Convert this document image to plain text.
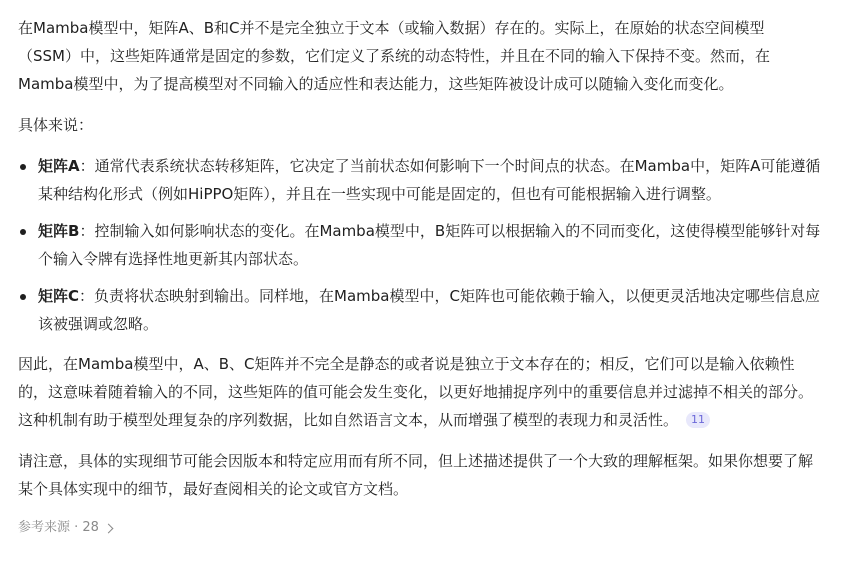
在Mamba模型中，矩阵A、B和C并不是完全独立于文本（或输入数据）存在的。实际上，在原始的状态空间模型
（SSM）中，这些矩阵通常是固定的参数，它们定义了系统的动态特性，并且在不同的输入下保持不变。然而，在
Mamba模型中，为了提高模型对不同输入的适应性和表达能力，这些矩阵被设计成可以随输入变化而变化。
具体来说：
矩阵A：通常代表系统状态转移矩阵，它决定了当前状态如何影响下一个时间点的状态。在Mamba中，矩阵A可能遵循
某种结构化形式（例如HiPPO矩阵），并且在一些实现中可能是固定的，但也有可能根据输入进行调整。
矩阵B：控制输入如何影响状态的变化。在Mamba模型中，B矩阵可以根据输入的不同而变化，这使得模型能够针对每
个输入令牌有选择性地更新其内部状态。
矩阵C：负责将状态映射到输出。同样地，在Mamba模型中，C矩阵也可能依赖于输入，以便更灵活地决定哪些信息应
该被强调或忽略。
因此，在Mamba模型中，A、B、C矩阵并不完全是静态的或者说是独立于文本存在的；相反，它们可以是输入依赖性
的，这意味着随着输入的不同，这些矩阵的值可能会发生变化，以更好地捕捉序列中的重要信息并过滤掉不相关的部分。
这种机制有助于模型处理复杂的序列数据，比如自然语言文本，从而增强了模型的表现力和灵活性。 11
请注意，具体的实现细节可能会因版本和特定应用而有所不同，但上述描述提供了一个大致的理解框架。如果你想要了解
某个具体实现中的细节，最好查阅相关的论文或官方文档。
参考来源 · 28
